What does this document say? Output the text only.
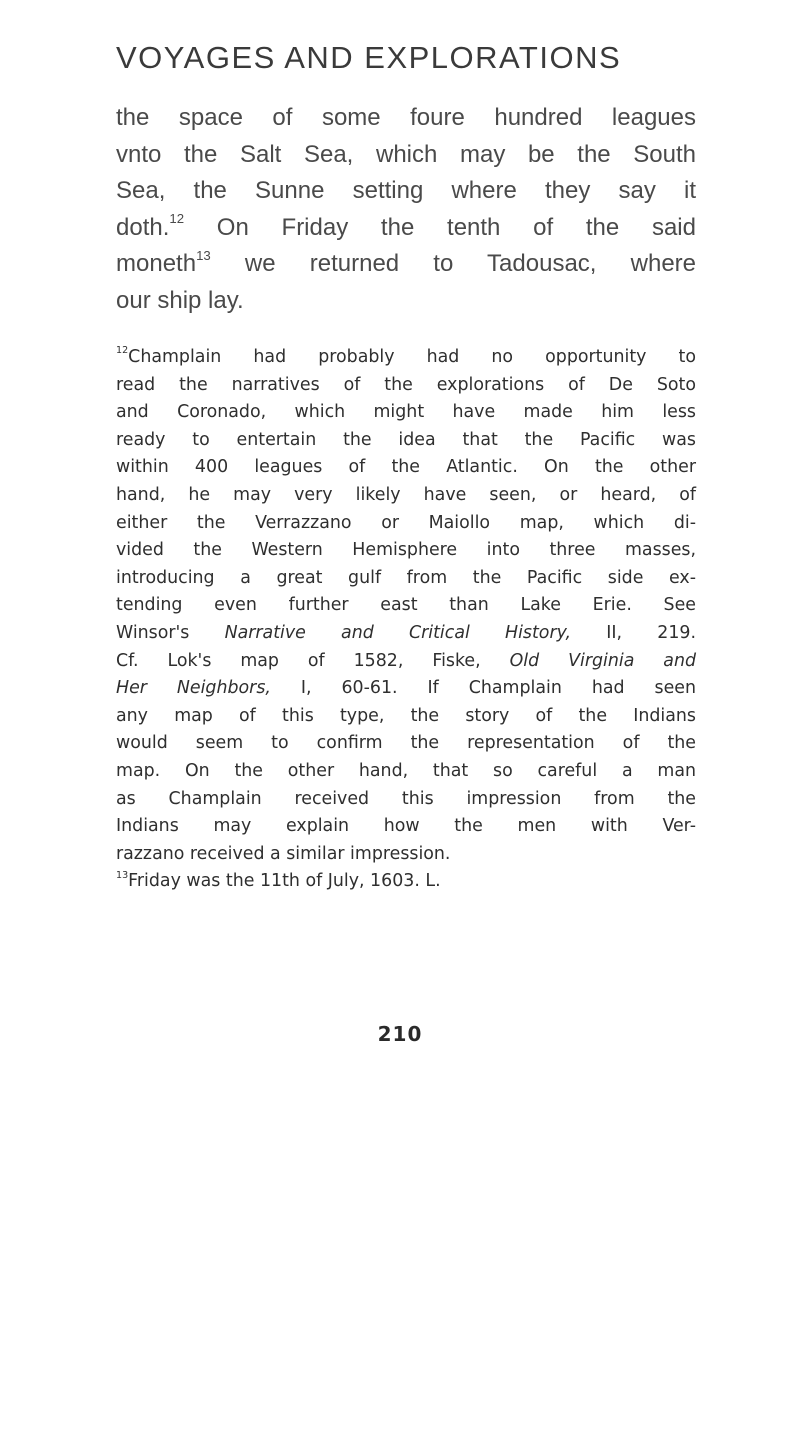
VOYAGES AND EXPLORATIONS
the space of some foure hundred leagues
vnto the Salt Sea, which may be the South
Sea, the Sunne setting where they say it
doth.$^{12}$ On Friday the tenth of the said
moneth$^{13}$ we returned to Tadousac, where
our ship lay.
$^{12}$Champlain had probably had no opportunity to
read the narratives of the explorations of De Soto
and Coronado, which might have made him less
ready to entertain the idea that the Pacific was
within 400 leagues of the Atlantic. On the other
hand, he may very likely have seen, or heard, of
either the Verrazzano or Maiollo map, which di-
vided the Western Hemisphere into three masses,
introducing a great gulf from the Pacific side ex-
tending even further east than Lake Erie. See
Winsor's Narrative and Critical History, II, 219.
Cf. Lok's map of 1582, Fiske, Old Virginia and
Her Neighbors, I, 60-61. If Champlain had seen
any map of this type, the story of the Indians
would seem to confirm the representation of the
map. On the other hand, that so careful a man
as Champlain received this impression from the
Indians may explain how the men with Ver-
razzano received a similar impression.
$^{13}$Friday was the 11th of July, 1603. L.
210
